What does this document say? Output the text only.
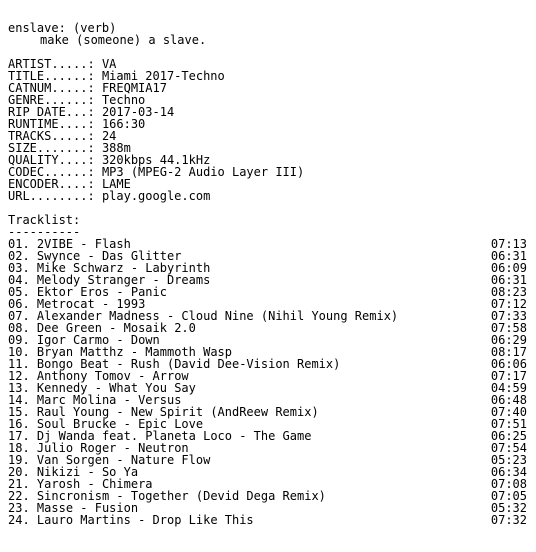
enslave: (verb)
make (someone) a slave.
ARTIST.....: VA
TITLE......: Miami 2017-Techno
CATNUM.....: FREQMIA17
GENRE......: Techno
RIP DATE...: 2017-03-14
RUNTIME....: 166:30
TRACKS.....: 24
SIZE.......: 388m
QUALITY....: 320kbps 44.1kHz
CODEC......: MP3 (MPEG-2 Audio Layer III)
ENCODER....: LAME
URL........: play.google.com
Tracklist:
----------
01. 2VIBE - Flash	07:13
02. Swynce - Das Glitter	06:31
03. Mike Schwarz - Labyrinth	06:09
04. Melody Stranger - Dreams	06:31
05. Ektor Eros - Panic	08:23
06. Metrocat - 1993	07:12
07. Alexander Madness - Cloud Nine (Nihil Young Remix)	07:33
08. Dee Green - Mosaik 2.0	07:58
09. Igor Carmo - Down	06:29
10. Bryan Matthz - Mammoth Wasp	08:17
11. Bongo Beat - Rush (David Dee-Vision Remix)	06:06
12. Anthony Tomov - Arrow	07:17
13. Kennedy - What You Say	04:59
14. Marc Molina - Versus	06:48
15. Raul Young - New Spirit (AndReew Remix)	07:40
16. Soul Brucke - Epic Love	07:51
17. Dj Wanda feat. Planeta Loco - The Game	06:25
18. Julio Roger - Neutron	07:54
19. Van Sorgen - Nature Flow	05:23
20. Nikizi - So Ya	06:34
21. Yarosh - Chimera	07:08
22. Sincronism - Together (Devid Dega Remix)	07:05
23. Masse - Fusion	05:32
24. Lauro Martins - Drop Like This	07:32
